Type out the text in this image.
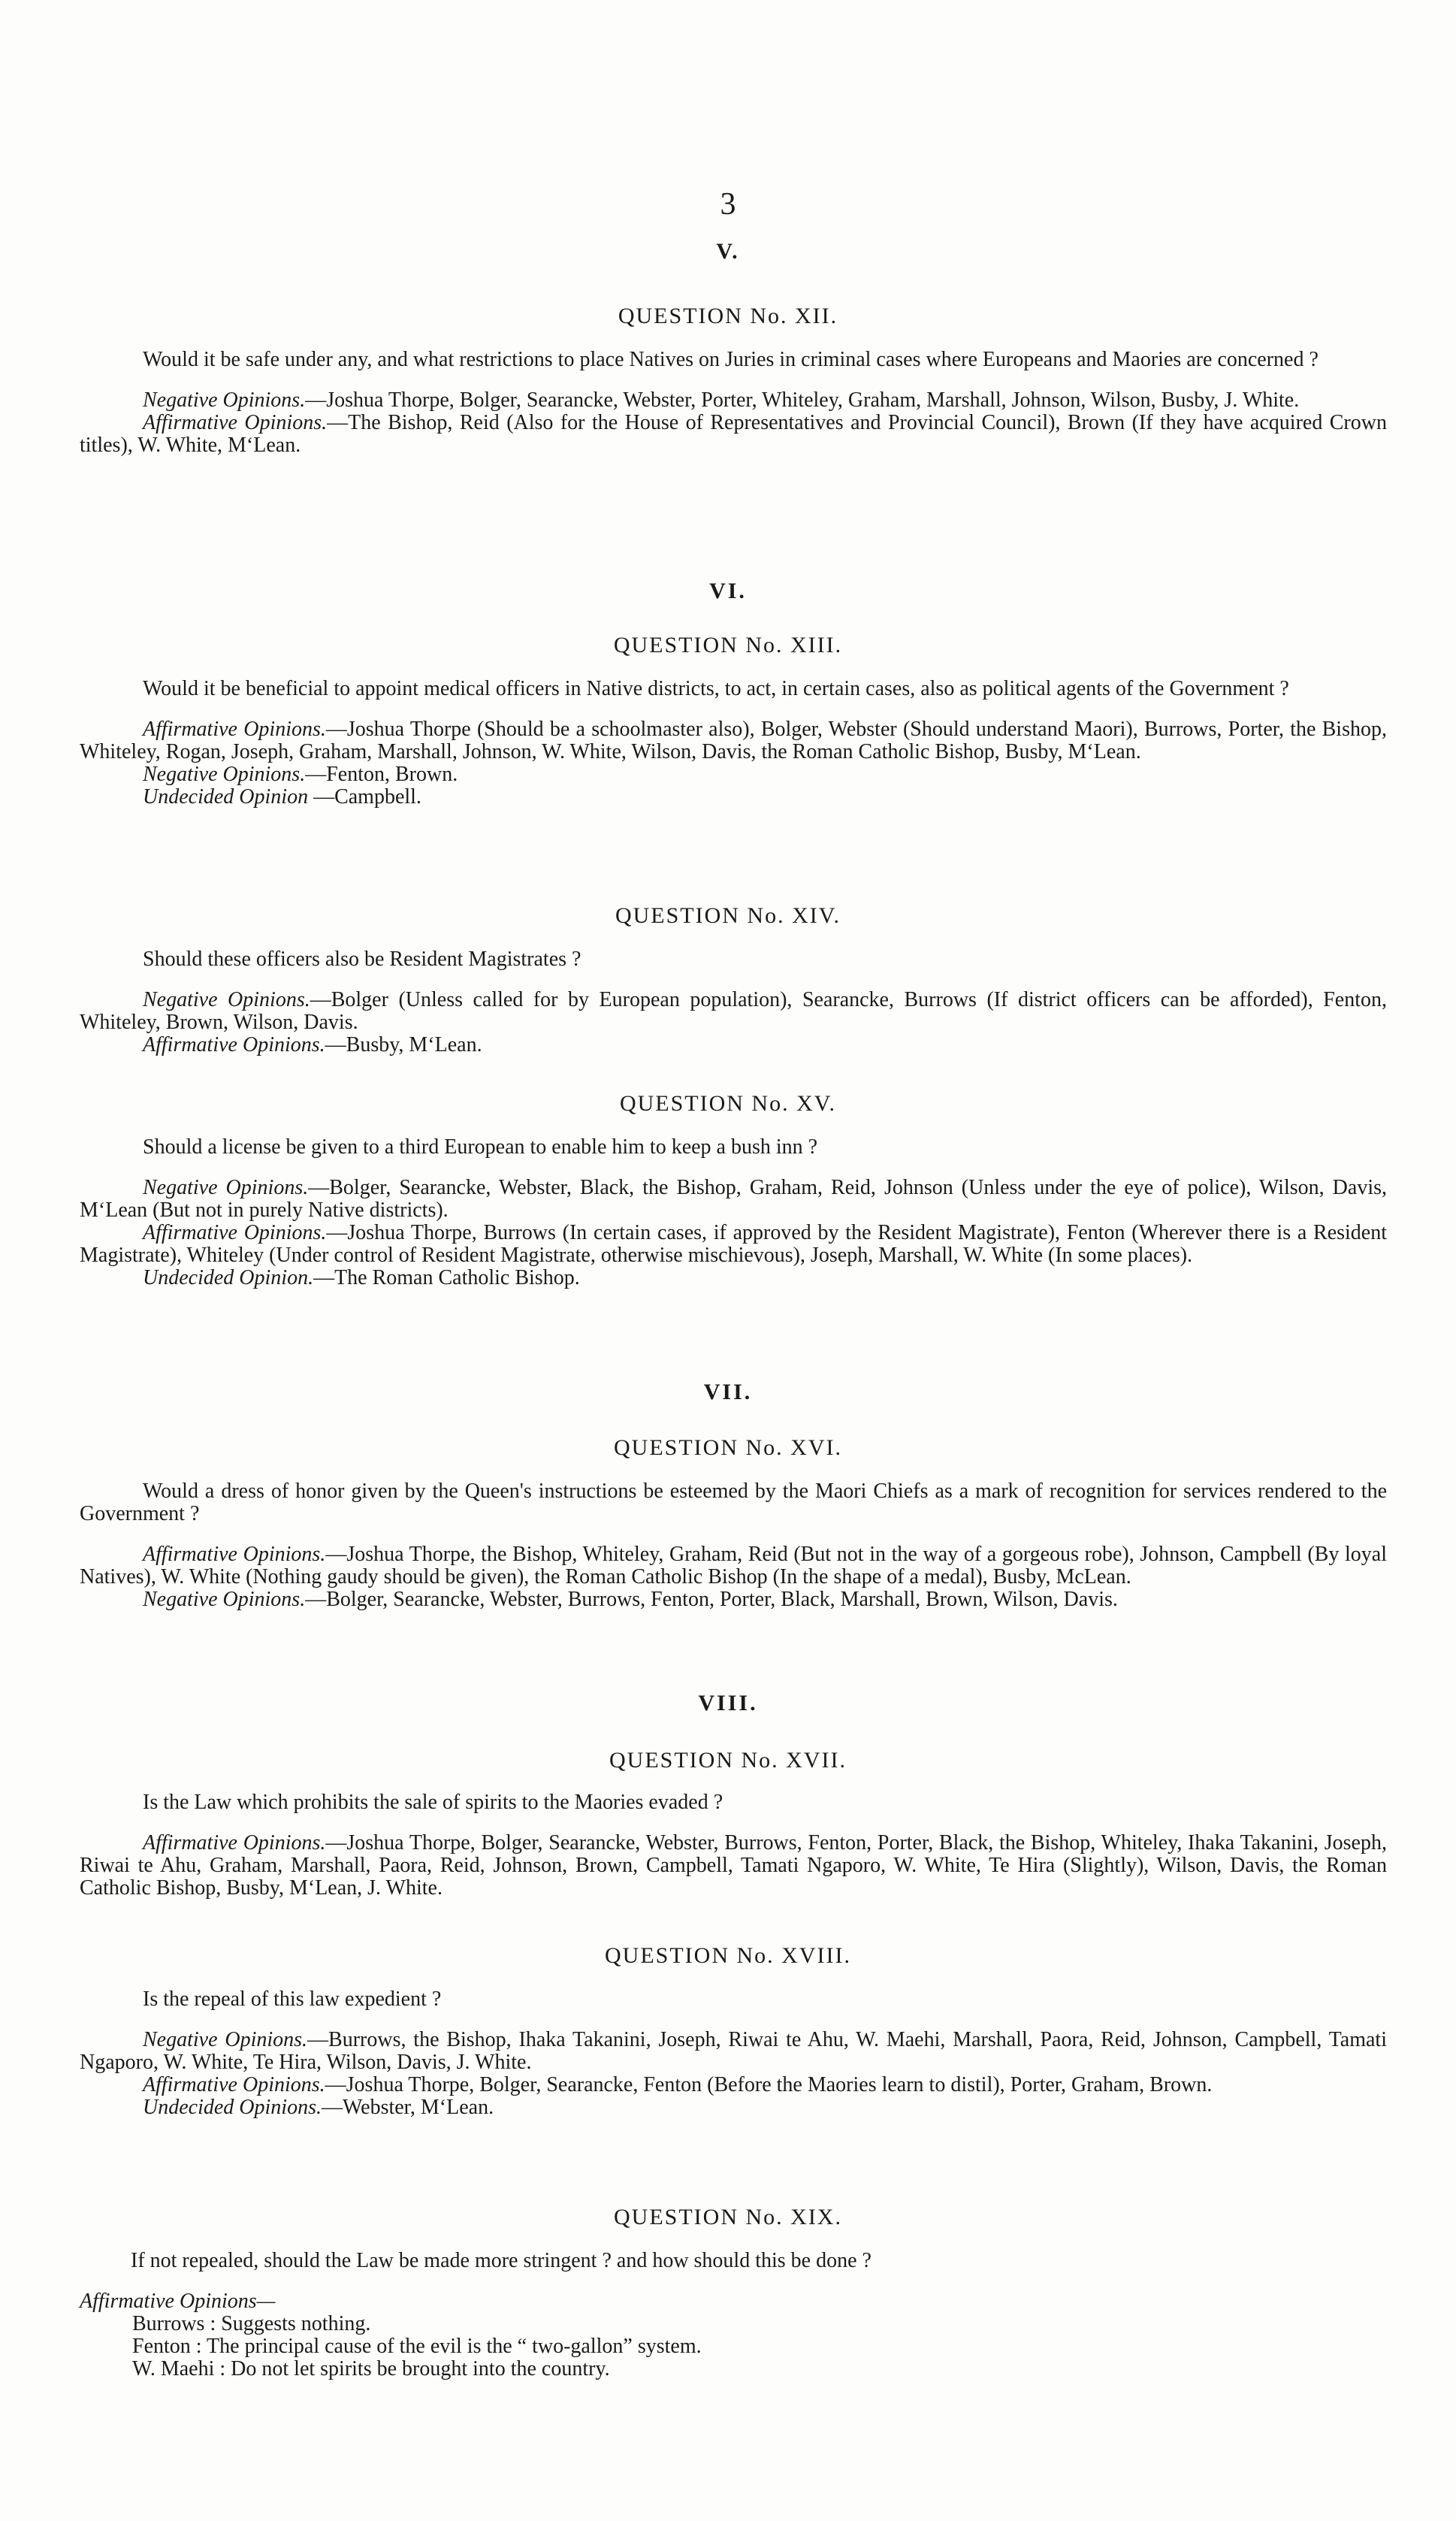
3
V.
QUESTION No. XII.

Would it be safe under any, and what restrictions to place Natives on Juries in criminal cases where Europeans and Maories are concerned ?

Negative Opinions.—Joshua Thorpe, Bolger, Searancke, Webster, Porter, Whiteley, Graham, Marshall, Johnson, Wilson, Busby, J. White.

Affirmative Opinions.—The Bishop, Reid (Also for the House of Representatives and Provincial Council), Brown (If they have acquired Crown titles), W. White, M‘Lean.

VI.
QUESTION No. XIII.

Would it be beneficial to appoint medical officers in Native districts, to act, in certain cases, also as political agents of the Government ?

Affirmative Opinions.—Joshua Thorpe (Should be a schoolmaster also), Bolger, Webster (Should understand Maori), Burrows, Porter, the Bishop, Whiteley, Rogan, Joseph, Graham, Marshall, Johnson, W. White, Wilson, Davis, the Roman Catholic Bishop, Busby, M‘Lean.

Negative Opinions.—Fenton, Brown.

Undecided Opinion —Campbell.

QUESTION No. XIV.

Should these officers also be Resident Magistrates ?

Negative Opinions.—Bolger (Unless called for by European population), Searancke, Burrows (If district officers can be afforded), Fenton, Whiteley, Brown, Wilson, Davis.

Affirmative Opinions.—Busby, M‘Lean.

QUESTION No. XV.

Should a license be given to a third European to enable him to keep a bush inn ?

Negative Opinions.—Bolger, Searancke, Webster, Black, the Bishop, Graham, Reid, Johnson (Unless under the eye of police), Wilson, Davis, M‘Lean (But not in purely Native districts).

Affirmative Opinions.—Joshua Thorpe, Burrows (In certain cases, if approved by the Resident Magistrate), Fenton (Wherever there is a Resident Magistrate), Whiteley (Under control of Resident Magistrate, otherwise mischievous), Joseph, Marshall, W. White (In some places).

Undecided Opinion.—The Roman Catholic Bishop.

VII.
QUESTION No. XVI.

Would a dress of honor given by the Queen's instructions be esteemed by the Maori Chiefs as a mark of recognition for services rendered to the Government ?

Affirmative Opinions.—Joshua Thorpe, the Bishop, Whiteley, Graham, Reid (But not in the way of a gorgeous robe), Johnson, Campbell (By loyal Natives), W. White (Nothing gaudy should be given), the Roman Catholic Bishop (In the shape of a medal), Busby, McLean.

Negative Opinions.—Bolger, Searancke, Webster, Burrows, Fenton, Porter, Black, Marshall, Brown, Wilson, Davis.

VIII.
QUESTION No. XVII.

Is the Law which prohibits the sale of spirits to the Maories evaded ?

Affirmative Opinions.—Joshua Thorpe, Bolger, Searancke, Webster, Burrows, Fenton, Porter, Black, the Bishop, Whiteley, Ihaka Takanini, Joseph, Riwai te Ahu, Graham, Marshall, Paora, Reid, Johnson, Brown, Campbell, Tamati Ngaporo, W. White, Te Hira (Slightly), Wilson, Davis, the Roman Catholic Bishop, Busby, M‘Lean, J. White.

QUESTION No. XVIII.

Is the repeal of this law expedient ?

Negative Opinions.—Burrows, the Bishop, Ihaka Takanini, Joseph, Riwai te Ahu, W. Maehi, Marshall, Paora, Reid, Johnson, Campbell, Tamati Ngaporo, W. White, Te Hira, Wilson, Davis, J. White.

Affirmative Opinions.—Joshua Thorpe, Bolger, Searancke, Fenton (Before the Maories learn to distil), Porter, Graham, Brown.

Undecided Opinions.—Webster, M‘Lean.

QUESTION No. XIX.

If not repealed, should the Law be made more stringent ? and how should this be done ?

Affirmative Opinions—

Burrows : Suggests nothing.

Fenton : The principal cause of the evil is the “ two-gallon” system.

W. Maehi : Do not let spirits be brought into the country.
